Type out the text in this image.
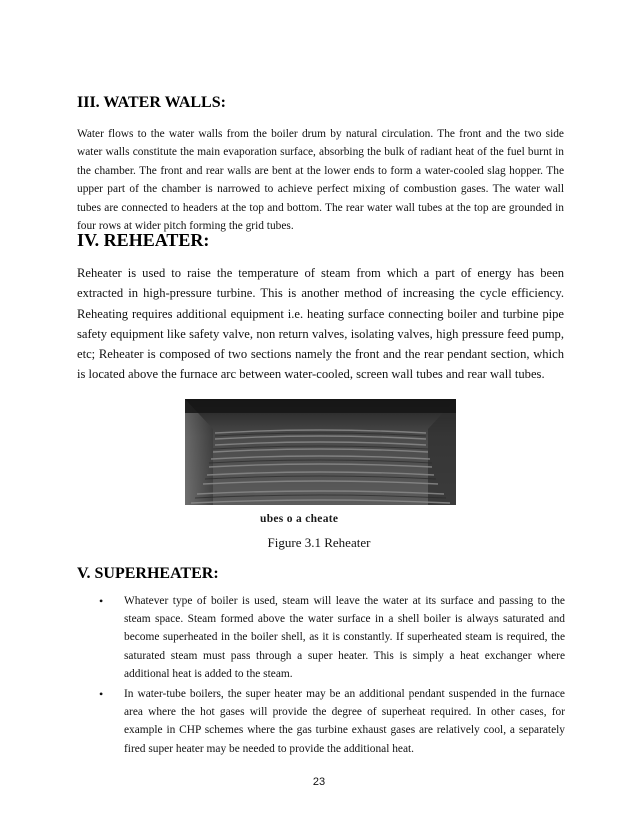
III. WATER WALLS:

Water flows to the water walls from the boiler drum by natural circulation. The front and the two side water walls constitute the main evaporation surface, absorbing the bulk of radiant heat of the fuel burnt in the chamber. The front and rear walls are bent at the lower ends to form a water-cooled slag hopper. The upper part of the chamber is narrowed to achieve perfect mixing of combustion gases. The water wall tubes are connected to headers at the top and bottom. The rear water wall tubes at the top are grounded in four rows at wider pitch forming the grid tubes.

IV. REHEATER:

Reheater is used to raise the temperature of steam from which a part of energy has been extracted in high-pressure turbine. This is another method of increasing the cycle efficiency. Reheating requires additional equipment i.e. heating surface connecting boiler and turbine pipe safety equipment like safety valve, non return valves, isolating valves, high pressure feed pump, etc; Reheater is composed of two sections namely the front and the rear pendant section, which is located above the furnace arc between water-cooled, screen wall tubes and rear wall tubes.

ubes o a cheate
Figure 3.1 Reheater
V. SUPERHEATER:
• Whatever type of boiler is used, steam will leave the water at its surface and passing to the steam space. Steam formed above the water surface in a shell boiler is always saturated and become superheated in the boiler shell, as it is constantly. If superheated steam is required, the saturated steam must pass through a super heater. This is simply a heat exchanger where additional heat is added to the steam.
• In water-tube boilers, the super heater may be an additional pendant suspended in the furnace area where the hot gases will provide the degree of superheat required. In other cases, for example in CHP schemes where the gas turbine exhaust gases are relatively cool, a separately fired super heater may be needed to provide the additional heat.
23
